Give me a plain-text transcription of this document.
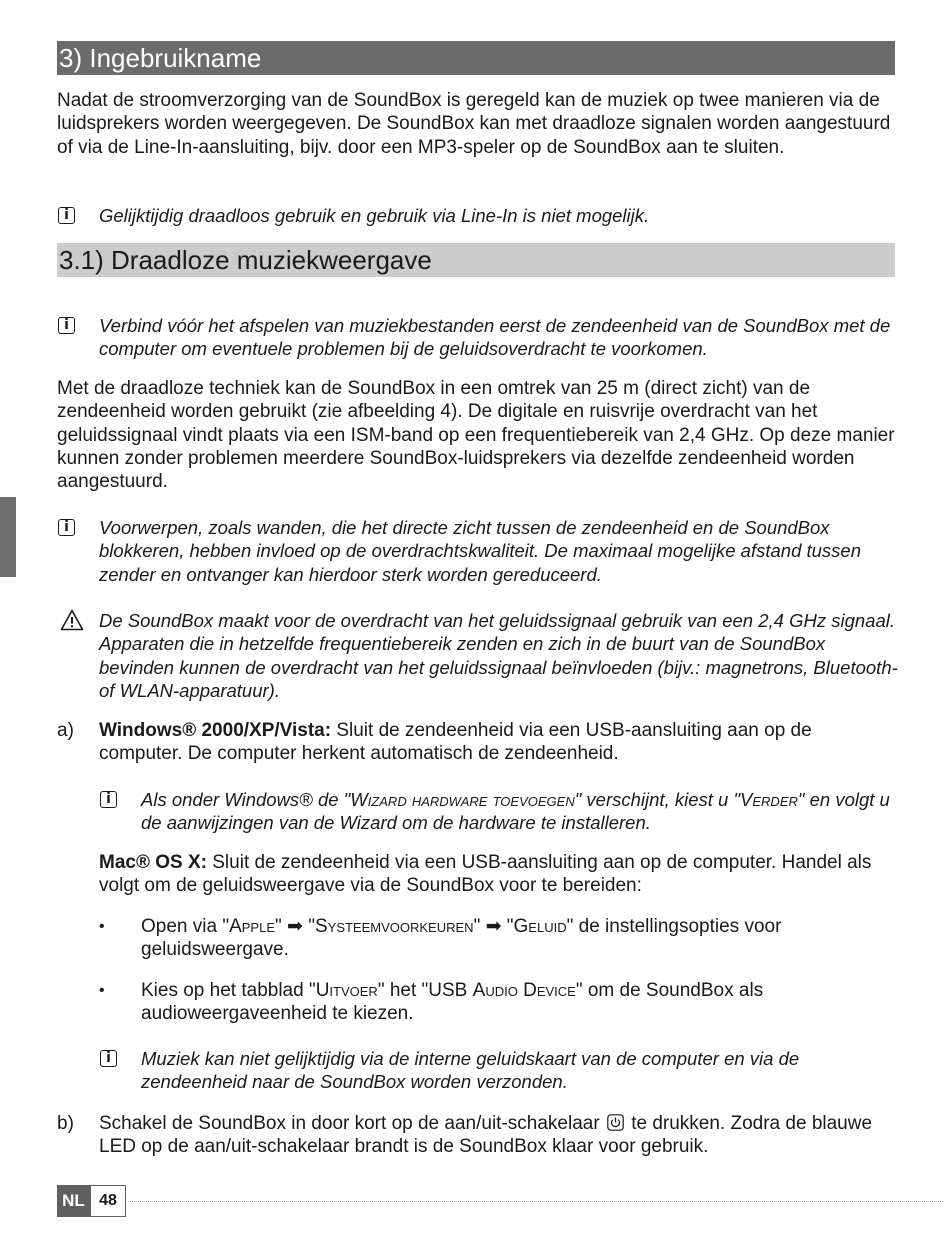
3) Ingebruikname

Nadat de stroomverzorging van de SoundBox is geregeld kan de muziek op twee manieren via de luidsprekers worden weergegeven. De SoundBox kan met draadloze signalen worden aangestuurd of via de Line-In-aansluiting, bijv. door een MP3-speler op de SoundBox aan te sluiten.

i	Gelijktijdig draadloos gebruik en gebruik via Line-In is niet mogelijk.

3.1) Draadloze muziekweergave
i	Verbind vóór het afspelen van muziekbestanden eerst de zendeenheid van de SoundBox met de computer om eventuele problemen bij de geluidsoverdracht te voorkomen.

Met de draadloze techniek kan de SoundBox in een omtrek van 25 m (direct zicht) van de zendeenheid worden gebruikt (zie afbeelding 4). De digitale en ruisvrije overdracht van het geluidssignaal vindt plaats via een ISM-band op een frequentiebereik van 2,4 GHz. Op deze manier kunnen zonder problemen meerdere SoundBox-luidsprekers via dezelfde zendeenheid worden aangestuurd.

i	Voorwerpen, zoals wanden, die het directe zicht tussen de zendeenheid en de SoundBox blokkeren, hebben invloed op de overdrachtskwaliteit. De maximaal mogelijke afstand tussen zender en ontvanger kan hierdoor sterk worden gereduceerd.

De SoundBox maakt voor de overdracht van het geluidssignaal gebruik van een 2,4 GHz signaal. Apparaten die in hetzelfde frequentiebereik zenden en zich in de buurt van de SoundBox bevinden kunnen de overdracht van het geluidssignaal beïnvloeden (bijv.: magnetrons, Bluetooth- of WLAN-apparatuur).

a) Windows® 2000/XP/Vista: Sluit de zendeenheid via een USB-aansluiting aan op de computer. De computer herkent automatisch de zendeenheid.

i	Als onder Windows® de "Wizard hardware toevoegen" verschijnt, kiest u "Verder" en volgt u de aanwijzingen van de Wizard om de hardware te installeren.

Mac® OS X: Sluit de zendeenheid via een USB-aansluiting aan op de computer. Handel als volgt om de geluidsweergave via de SoundBox voor te bereiden:

• Open via "Apple" ➡ "Systeemvoorkeuren" ➡ "Geluid" de instellingsopties voor geluidsweergave.

• Kies op het tabblad "Uitvoer" het "USB Audio Device" om de SoundBox als audioweergaveenheid te kiezen.

i	Muziek kan niet gelijktijdig via de interne geluidskaart van de computer en via de zendeenheid naar de SoundBox worden verzonden.

b) Schakel de SoundBox in door kort op de aan/uit-schakelaar  te drukken. Zodra de blauwe LED op de aan/uit-schakelaar brandt is de SoundBox klaar voor gebruik.

NL 48
